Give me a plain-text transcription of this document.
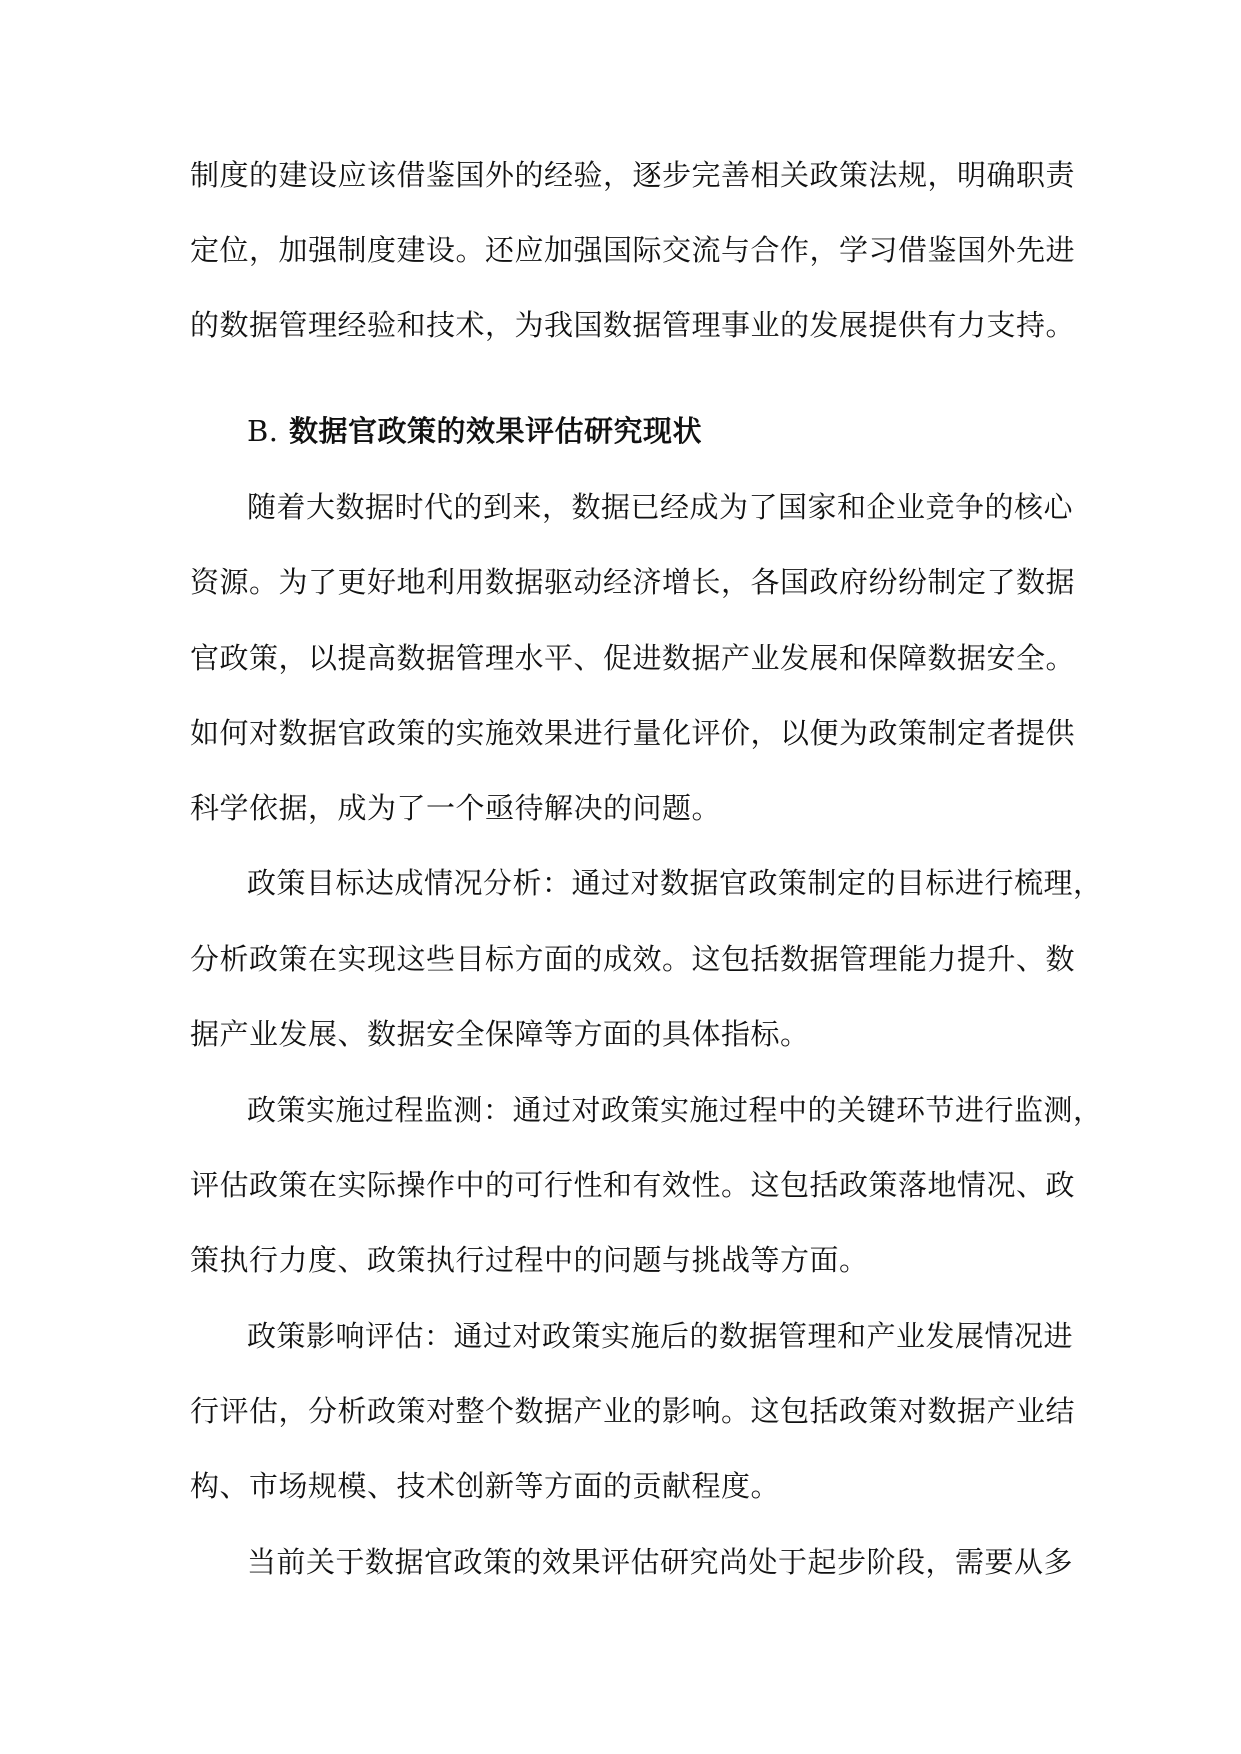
制度的建设应该借鉴国外的经验，逐步完善相关政策法规，明确职责
定位，加强制度建设。还应加强国际交流与合作，学习借鉴国外先进
的数据管理经验和技术，为我国数据管理事业的发展提供有力支持。
B. 数据官政策的效果评估研究现状
随着大数据时代的到来，数据已经成为了国家和企业竞争的核心
资源。为了更好地利用数据驱动经济增长，各国政府纷纷制定了数据
官政策，以提高数据管理水平、促进数据产业发展和保障数据安全。
如何对数据官政策的实施效果进行量化评价，以便为政策制定者提供
科学依据，成为了一个亟待解决的问题。
政策目标达成情况分析：通过对数据官政策制定的目标进行梳理，
分析政策在实现这些目标方面的成效。这包括数据管理能力提升、数
据产业发展、数据安全保障等方面的具体指标。
政策实施过程监测：通过对政策实施过程中的关键环节进行监测，
评估政策在实际操作中的可行性和有效性。这包括政策落地情况、政
策执行力度、政策执行过程中的问题与挑战等方面。
政策影响评估：通过对政策实施后的数据管理和产业发展情况进
行评估，分析政策对整个数据产业的影响。这包括政策对数据产业结
构、市场规模、技术创新等方面的贡献程度。
当前关于数据官政策的效果评估研究尚处于起步阶段，需要从多
